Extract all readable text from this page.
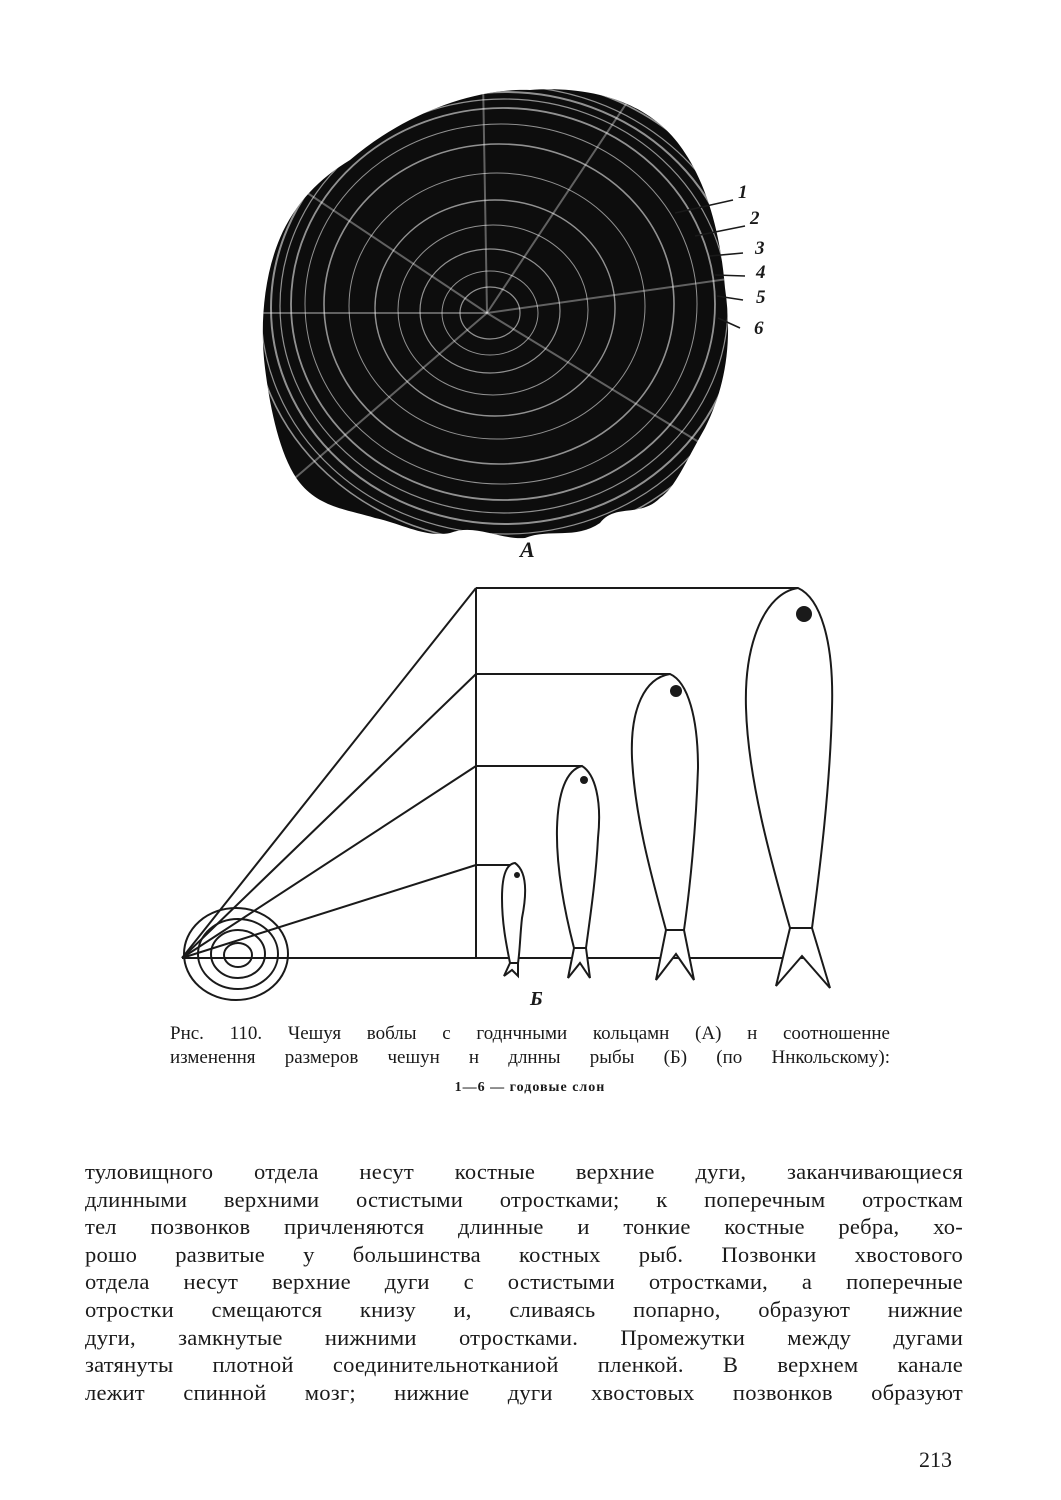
1
2
3
4
5
6
А
Б
Рнс. 110. Чешуя воблы с годнчными кольцамн (А) н соотношенне
изменення размеров чешун н длнны рыбы (Б) (по Ннкольскому):
1—6 — годовые слон
туловищного отдела несут костные верхние дуги, заканчивающиеся
длинными верхними остистыми отростками; к поперечным отросткам
тел позвонков причленяются длинные и тонкие костные ребра, хо-
рошо развитые у большинства костных рыб. Позвонки хвостового
отдела несут верхние дуги с остистыми отростками, а поперечные
отростки смещаются книзу и, сливаясь попарно, образуют нижние
дуги, замкнутые нижними отростками. Промежутки между дугами
затянуты плотной соединительнотканиой пленкой. В верхнем канале
лежит спинной мозг; нижние дуги хвостовых позвонков образуют
213
